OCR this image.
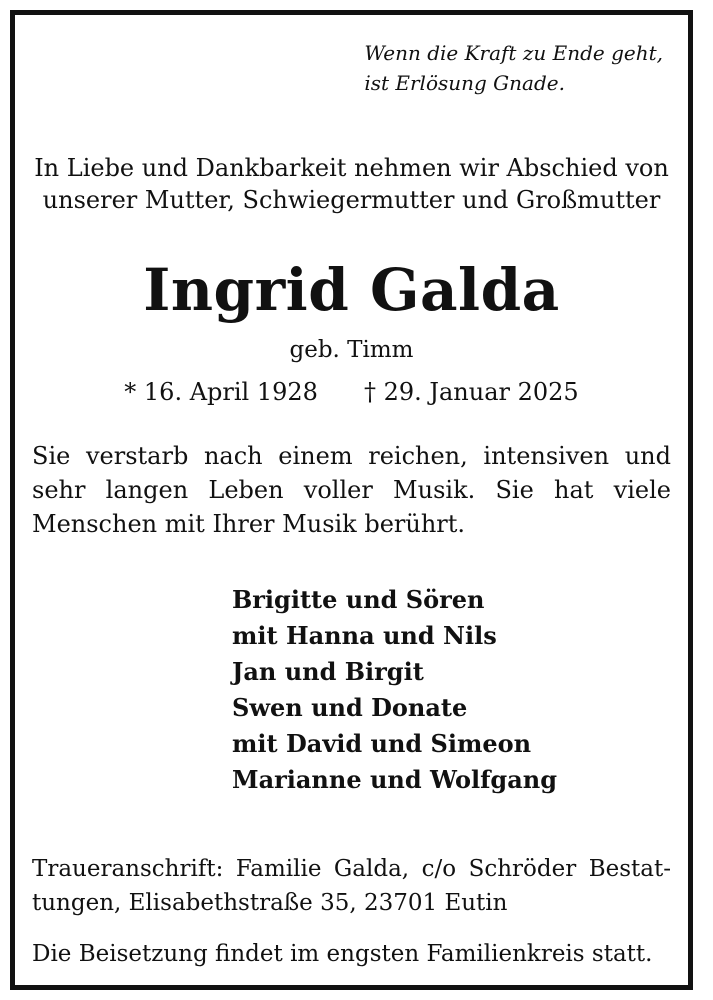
Wenn die Kraft zu Ende geht,
ist Erlösung Gnade.
In Liebe und Dankbarkeit nehmen wir Abschied von
unserer Mutter, Schwiegermutter und Großmutter
Ingrid Galda
geb. Timm
* 16. April 1928 † 29. Januar 2025
Sie verstarb nach einem reichen, intensiven und sehr langen Leben voller Musik. Sie hat viele Menschen mit Ihrer Musik berührt.
Brigitte und Sören
mit Hanna und Nils
Jan und Birgit
Swen und Donate
mit David und Simeon
Marianne und Wolfgang
Traueranschrift: Familie Galda, c/o Schröder Bestattungen, Elisabethstraße 35, 23701 Eutin
Die Beisetzung findet im engsten Familienkreis statt.
